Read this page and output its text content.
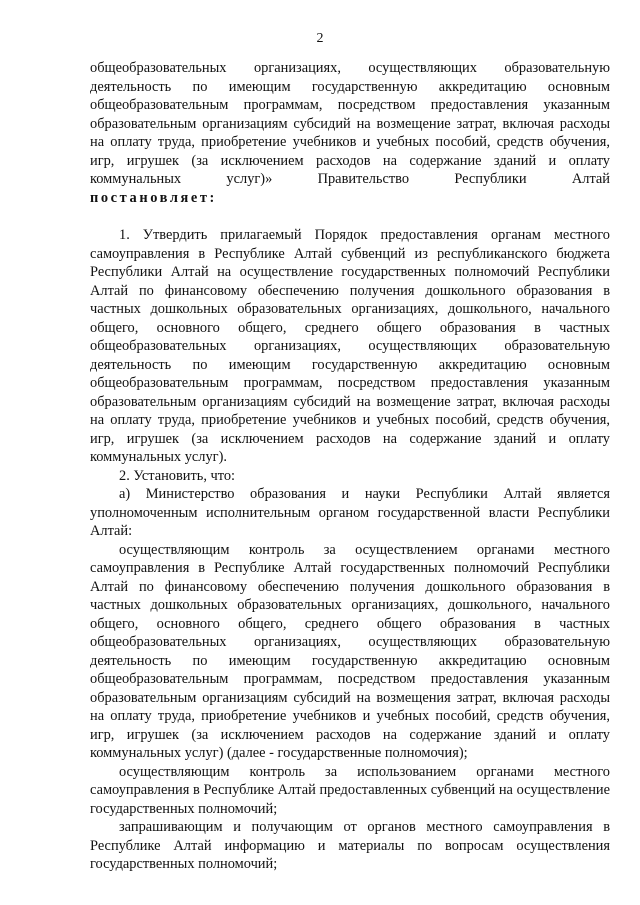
2

общеобразовательных организациях, осуществляющих образовательную деятельность по имеющим государственную аккредитацию основным общеобразовательным программам, посредством предоставления указанным образовательным организациям субсидий на возмещение затрат, включая расходы на оплату труда, приобретение учебников и учебных пособий, средств обучения, игр, игрушек (за исключением расходов на содержание зданий и оплату коммунальных услуг)» Правительство Республики Алтай

постановляет:

1. Утвердить прилагаемый Порядок предоставления органам местного самоуправления в Республике Алтай субвенций из республиканского бюджета Республики Алтай на осуществление государственных полномочий Республики Алтай по финансовому обеспечению получения дошкольного образования в частных дошкольных образовательных организациях, дошкольного, начального общего, основного общего, среднего общего образования в частных общеобразовательных организациях, осуществляющих образовательную деятельность по имеющим государственную аккредитацию основным общеобразовательным программам, посредством предоставления указанным образовательным организациям субсидий на возмещение затрат, включая расходы на оплату труда, приобретение учебников и учебных пособий, средств обучения, игр, игрушек (за исключением расходов на содержание зданий и оплату коммунальных услуг).

2. Установить, что:

а) Министерство образования и науки Республики Алтай является уполномоченным исполнительным органом государственной власти Республики Алтай:

осуществляющим контроль за осуществлением органами местного самоуправления в Республике Алтай государственных полномочий Республики Алтай по финансовому обеспечению получения дошкольного образования в частных дошкольных образовательных организациях, дошкольного, начального общего, основного общего, среднего общего образования в частных общеобразовательных организациях, осуществляющих образовательную деятельность по имеющим государственную аккредитацию основным общеобразовательным программам, посредством предоставления указанным образовательным организациям субсидий на возмещения затрат, включая расходы на оплату труда, приобретение учебников и учебных пособий, средств обучения, игр, игрушек (за исключением расходов на содержание зданий и оплату коммунальных услуг) (далее - государственные полномочия);

осуществляющим контроль за использованием органами местного самоуправления в Республике Алтай предоставленных субвенций на осуществление государственных полномочий;

запрашивающим и получающим от органов местного самоуправления в Республике Алтай информацию и материалы по вопросам осуществления государственных полномочий;
